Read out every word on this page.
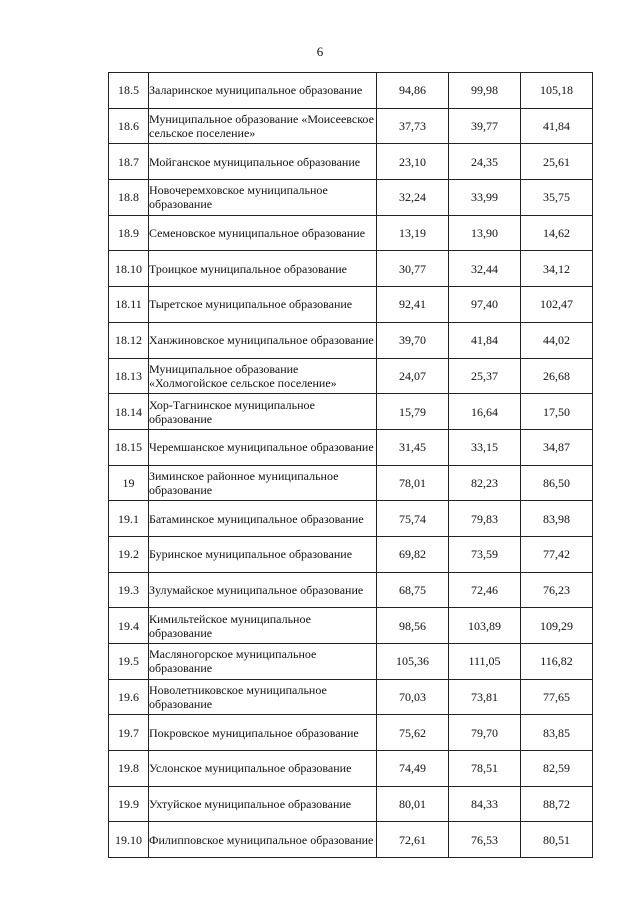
6
18.5	Заларинское муниципальное образование	94,86	99,98	105,18
18.6	Муниципальное образование «Моисеевское сельское поселение»	37,73	39,77	41,84
18.7	Мойганское муниципальное образование	23,10	24,35	25,61
18.8	Новочеремховское муниципальное образование	32,24	33,99	35,75
18.9	Семеновское муниципальное образование	13,19	13,90	14,62
18.10	Троицкое муниципальное образование	30,77	32,44	34,12
18.11	Тыретское муниципальное образование	92,41	97,40	102,47
18.12	Ханжиновское муниципальное образование	39,70	41,84	44,02
18.13	Муниципальное образование «Холмогойское сельское поселение»	24,07	25,37	26,68
18.14	Хор-Тагнинское муниципальное образование	15,79	16,64	17,50
18.15	Черемшанское муниципальное образование	31,45	33,15	34,87
19	Зиминское районное муниципальное образование	78,01	82,23	86,50
19.1	Батаминское муниципальное образование	75,74	79,83	83,98
19.2	Буринское муниципальное образование	69,82	73,59	77,42
19.3	Зулумайское муниципальное образование	68,75	72,46	76,23
19.4	Кимильтейское муниципальное образование	98,56	103,89	109,29
19.5	Масляногорское муниципальное образование	105,36	111,05	116,82
19.6	Новолетниковское муниципальное образование	70,03	73,81	77,65
19.7	Покровское муниципальное образование	75,62	79,70	83,85
19.8	Услонское муниципальное образование	74,49	78,51	82,59
19.9	Ухтуйское муниципальное образование	80,01	84,33	88,72
19.10	Филипповское муниципальное образование	72,61	76,53	80,51
